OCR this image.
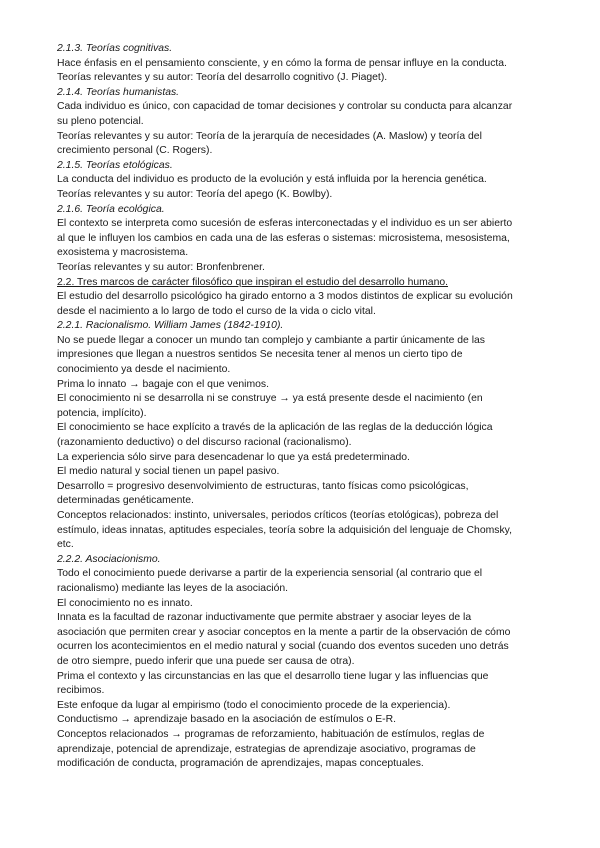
2.1.3. Teorías cognitivas.
Hace énfasis en el pensamiento consciente, y en cómo la forma de pensar influye en la conducta.
Teorías relevantes y su autor: Teoría del desarrollo cognitivo (J. Piaget).
2.1.4. Teorías humanistas.
Cada individuo es único, con capacidad de tomar decisiones y controlar su conducta para alcanzar
su pleno potencial.
Teorías relevantes y su autor: Teoría de la jerarquía de necesidades (A. Maslow) y teoría del
crecimiento personal (C. Rogers).
2.1.5. Teorías etológicas.
La conducta del individuo es producto de la evolución y está influida por la herencia genética.
Teorías relevantes y su autor: Teoría del apego (K. Bowlby).
2.1.6. Teoría ecológica.
El contexto se interpreta como sucesión de esferas interconectadas y el individuo es un ser abierto
al que le influyen los cambios en cada una de las esferas o sistemas: microsistema, mesosistema,
exosistema y macrosistema.
Teorías relevantes y su autor: Bronfenbrener.
2.2. Tres marcos de carácter filosófico que inspiran el estudio del desarrollo humano.
El estudio del desarrollo psicológico ha girado entorno a 3 modos distintos de explicar su evolución
desde el nacimiento a lo largo de todo el curso de la vida o ciclo vital.
2.2.1. Racionalismo. William James (1842-1910).
No se puede llegar a conocer un mundo tan complejo y cambiante a partir únicamente de las
impresiones que llegan a nuestros sentidos Se necesita tener al menos un cierto tipo de
conocimiento ya desde el nacimiento.
Prima lo innato → bagaje con el que venimos.
El conocimiento ni se desarrolla ni se construye → ya está presente desde el nacimiento (en
potencia, implícito).
El conocimiento se hace explícito a través de la aplicación de las reglas de la deducción lógica
(razonamiento deductivo) o del discurso racional (racionalismo).
La experiencia sólo sirve para desencadenar lo que ya está predeterminado.
El medio natural y social tienen un papel pasivo.
Desarrollo = progresivo desenvolvimiento de estructuras, tanto físicas como psicológicas,
determinadas genéticamente.
Conceptos relacionados: instinto, universales, periodos críticos (teorías etológicas), pobreza del
estímulo, ideas innatas, aptitudes especiales, teoría sobre la adquisición del lenguaje de Chomsky,
etc.
2.2.2. Asociacionismo.
Todo el conocimiento puede derivarse a partir de la experiencia sensorial (al contrario que el
racionalismo) mediante las leyes de la asociación.
El conocimiento no es innato.
Innata es la facultad de razonar inductivamente que permite abstraer y asociar leyes de la
asociación que permiten crear y asociar conceptos en la mente a partir de la observación de cómo
ocurren los acontecimientos en el medio natural y social (cuando dos eventos suceden uno detrás
de otro siempre, puedo inferir que una puede ser causa de otra).
Prima el contexto y las circunstancias en las que el desarrollo tiene lugar y las influencias que
recibimos.
Este enfoque da lugar al empirismo (todo el conocimiento procede de la experiencia).
Conductismo → aprendizaje basado en la asociación de estímulos o E-R.
Conceptos relacionados → programas de reforzamiento, habituación de estímulos, reglas de
aprendizaje, potencial de aprendizaje, estrategias de aprendizaje asociativo, programas de
modificación de conducta, programación de aprendizajes, mapas conceptuales.
